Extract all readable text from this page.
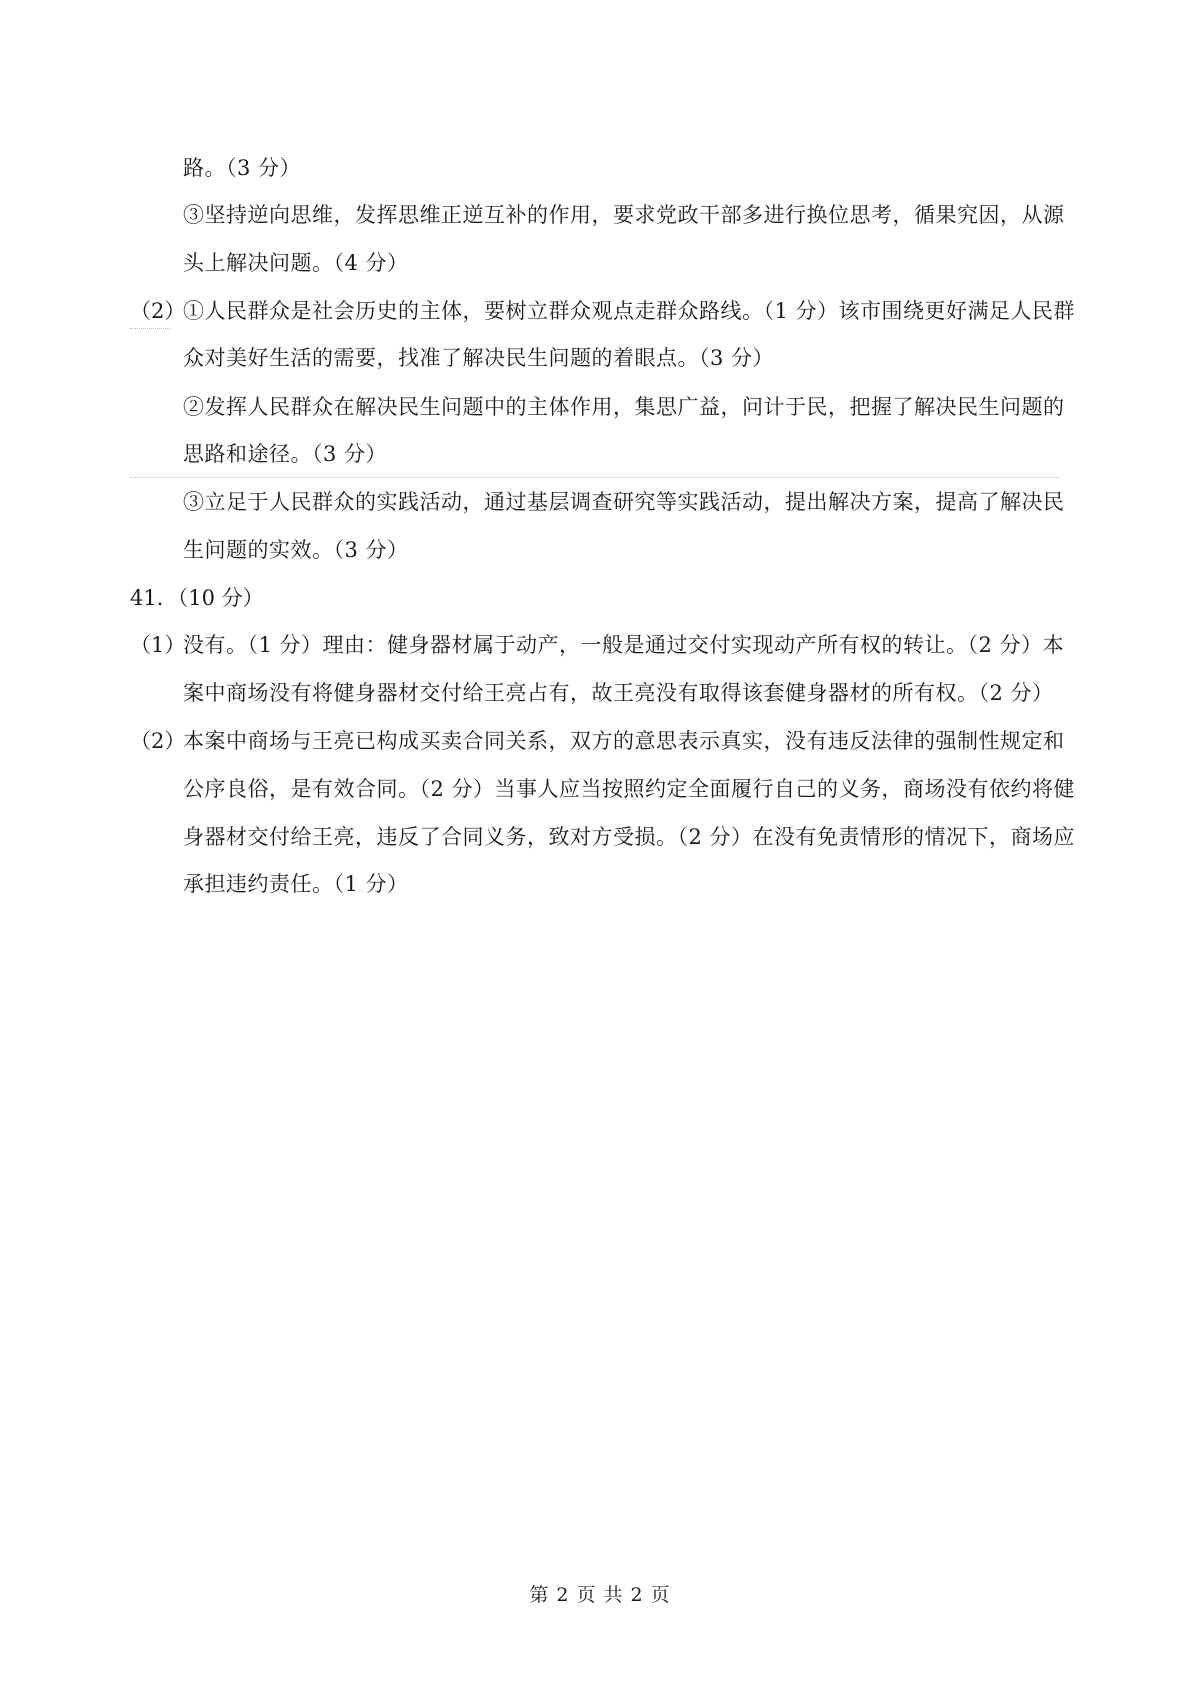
路。（3 分）
③坚持逆向思维，发挥思维正逆互补的作用，要求党政干部多进行换位思考，循果究因，从源
头上解决问题。（4 分）
（2）
①人民群众是社会历史的主体，要树立群众观点走群众路线。（1 分）该市围绕更好满足人民群
众对美好生活的需要，找准了解决民生问题的着眼点。（3 分）
②发挥人民群众在解决民生问题中的主体作用，集思广益，问计于民，把握了解决民生问题的
思路和途径。（3 分）
③立足于人民群众的实践活动，通过基层调查研究等实践活动，提出解决方案，提高了解决民
生问题的实效。（3 分）
41．（10 分）
（1）
没有。（1 分）理由：健身器材属于动产，一般是通过交付实现动产所有权的转让。（2 分）本
案中商场没有将健身器材交付给王亮占有，故王亮没有取得该套健身器材的所有权。（2 分）
（2）
本案中商场与王亮已构成买卖合同关系，双方的意思表示真实，没有违反法律的强制性规定和
公序良俗，是有效合同。（2 分）当事人应当按照约定全面履行自己的义务，商场没有依约将健
身器材交付给王亮，违反了合同义务，致对方受损。（2 分）在没有免责情形的情况下，商场应
承担违约责任。（1 分）
第 2 页 共 2 页
